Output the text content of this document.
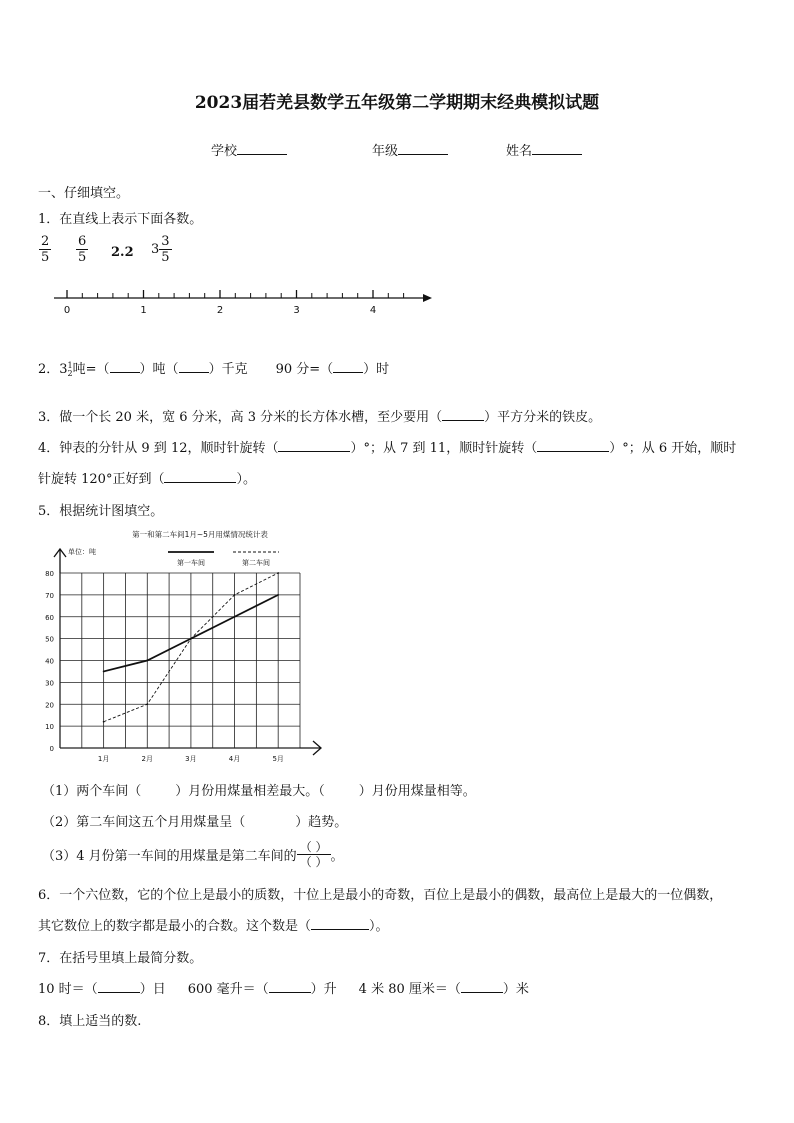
2023届若羌县数学五年级第二学期期末经典模拟试题
学校	年级	姓名
一、仔细填空。
1．在直线上表示下面各数。
$\frac{2}{5} \frac{6}{5} 2.2$ $3 \frac{3}{5}$
0	1	2	3	4
2．3 1
2 吨=（ ）吨（ ）千克 90 分=（ ）时
3．做一个长 20 米，宽 6 分米，高 3 分米的长方体水槽，至少要用（	）平方分米的铁皮。
4．钟表的分针从 9 到 12，顺时针旋转（	）°；从 7 到 11，顺时针旋转（	）°；从 6 开始，顺时
针旋转 120°正好到（	）。
5．根据统计图填空。
0
10
20
30
40
50
60
70
80
1月	2月	3月	4月	5月
第一和第二车间1月~5月用煤情况统计表
单位：吨
第一车间	第二车间
（1）两个车间（	）月份用煤量相差最大。（	）月份用煤量相等。
（2）第二车间这五个月用煤量呈（	）趋势。
（3）4 月份第一车间的用煤量是第二车间的 $\frac{( )}{( )}$ 。
6．一个六位数，它的个位上是最小的质数，十位上是最小的奇数，百位上是最小的偶数，最高位上是最大的一位偶数，
其它数位上的数字都是最小的合数。这个数是（	）。
7．在括号里填上最简分数。
10 时＝（	）日 600 毫升＝（	）升 4 米 80 厘米＝（	）米
8．填上适当的数.
